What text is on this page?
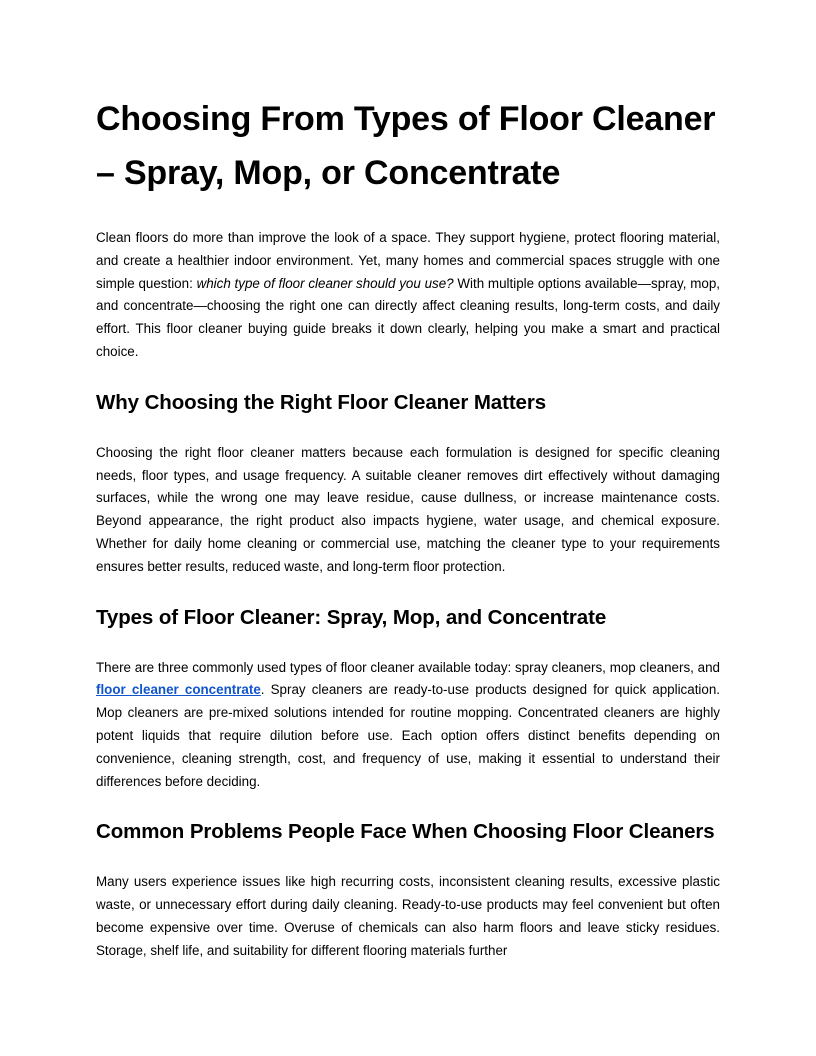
Choosing From Types of Floor Cleaner – Spray, Mop, or Concentrate

Clean floors do more than improve the look of a space. They support hygiene, protect flooring material, and create a healthier indoor environment. Yet, many homes and commercial spaces struggle with one simple question: which type of floor cleaner should you use? With multiple options available—spray, mop, and concentrate—choosing the right one can directly affect cleaning results, long-term costs, and daily effort. This floor cleaner buying guide breaks it down clearly, helping you make a smart and practical choice.

Why Choosing the Right Floor Cleaner Matters

Choosing the right floor cleaner matters because each formulation is designed for specific cleaning needs, floor types, and usage frequency. A suitable cleaner removes dirt effectively without damaging surfaces, while the wrong one may leave residue, cause dullness, or increase maintenance costs. Beyond appearance, the right product also impacts hygiene, water usage, and chemical exposure. Whether for daily home cleaning or commercial use, matching the cleaner type to your requirements ensures better results, reduced waste, and long-term floor protection.

Types of Floor Cleaner: Spray, Mop, and Concentrate

There are three commonly used types of floor cleaner available today: spray cleaners, mop cleaners, and floor cleaner concentrate. Spray cleaners are ready-to-use products designed for quick application. Mop cleaners are pre-mixed solutions intended for routine mopping. Concentrated cleaners are highly potent liquids that require dilution before use. Each option offers distinct benefits depending on convenience, cleaning strength, cost, and frequency of use, making it essential to understand their differences before deciding.

Common Problems People Face When Choosing Floor Cleaners

Many users experience issues like high recurring costs, inconsistent cleaning results, excessive plastic waste, or unnecessary effort during daily cleaning. Ready-to-use products may feel convenient but often become expensive over time. Overuse of chemicals can also harm floors and leave sticky residues. Storage, shelf life, and suitability for different flooring materials further
